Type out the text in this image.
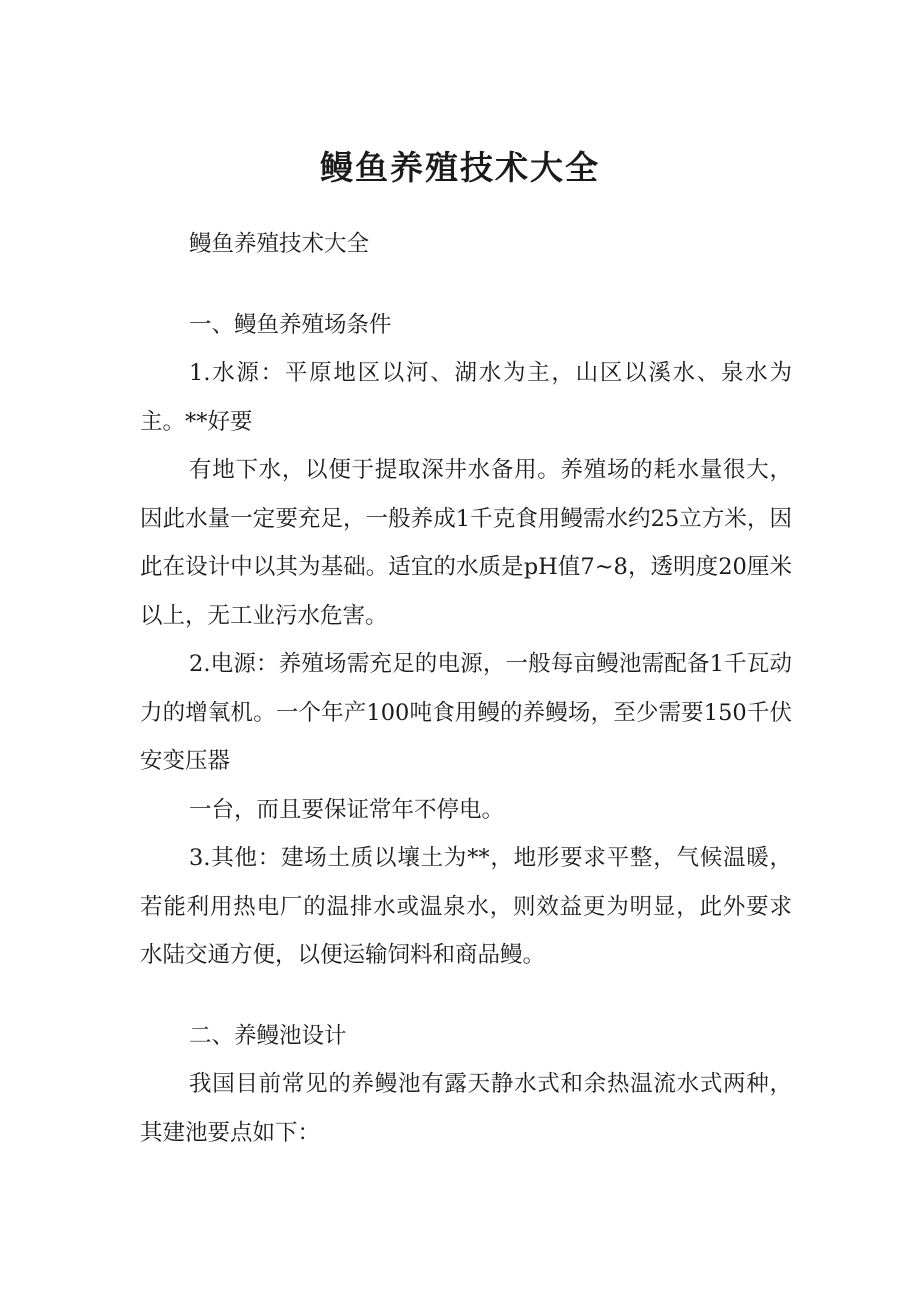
鳗鱼养殖技术大全

鳗鱼养殖技术大全

一、鳗鱼养殖场条件

1.水源：平原地区以河、湖水为主，山区以溪水、泉水为主。**好要

有地下水，以便于提取深井水备用。养殖场的耗水量很大，因此水量一定要充足，一般养成1千克食用鳗需水约25立方米，因此在设计中以其为基础。适宜的水质是pH值7~8，透明度20厘米以上，无工业污水危害。

2.电源：养殖场需充足的电源，一般每亩鳗池需配备1千瓦动力的增氧机。一个年产100吨食用鳗的养鳗场，至少需要150千伏安变压器

一台，而且要保证常年不停电。

3.其他：建场土质以壤土为**，地形要求平整，气候温暖，若能利用热电厂的温排水或温泉水，则效益更为明显，此外要求水陆交通方便，以便运输饲料和商品鳗。

二、养鳗池设计

我国目前常见的养鳗池有露天静水式和余热温流水式两种，其建池要点如下：
